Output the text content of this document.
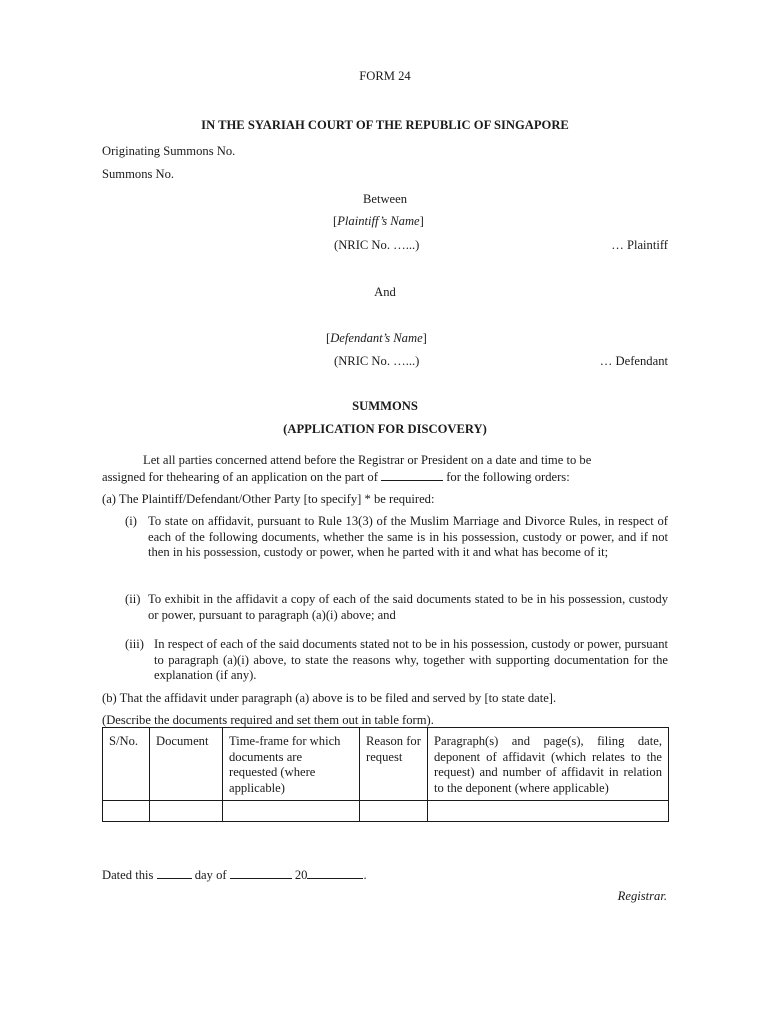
FORM 24
IN THE SYARIAH COURT OF THE REPUBLIC OF SINGAPORE
Originating Summons No.
Summons No.
Between
[Plaintiff’s Name]
(NRIC No. …...)	… Plaintiff
And
[Defendant’s Name]
(NRIC No. …...)	… Defendant
SUMMONS
(APPLICATION FOR DISCOVERY)
Let all parties concerned attend before the Registrar or President on a date and time to be
assigned for thehearing of an application on the part of	for the following orders:
(a) The Plaintiff/Defendant/Other Party [to specify] * be required:
(i) To state on affidavit, pursuant to Rule 13(3) of the Muslim Marriage and Divorce Rules, in respect of each of the following documents, whether the same is in his possession, custody or power, and if not then in his possession, custody or power, when he parted with it and what has become of it;
(ii) To exhibit in the affidavit a copy of each of the said documents stated to be in his possession, custody or power, pursuant to paragraph (a)(i) above; and
(iii) In respect of each of the said documents stated not to be in his possession, custody or power, pursuant to paragraph (a)(i) above, to state the reasons why, together with supporting documentation for the explanation (if any).
(b) That the affidavit under paragraph (a) above is to be filed and served by [to state date].
(Describe the documents required and set them out in table form).
S/No.	Document	Time-frame for which documents are requested (where applicable)	Reason for request	Paragraph(s) and page(s), filing date, deponent of affidavit (which relates to the request) and number of affidavit in relation to the deponent (where applicable)

Dated this	day of	20	.
Registrar.
